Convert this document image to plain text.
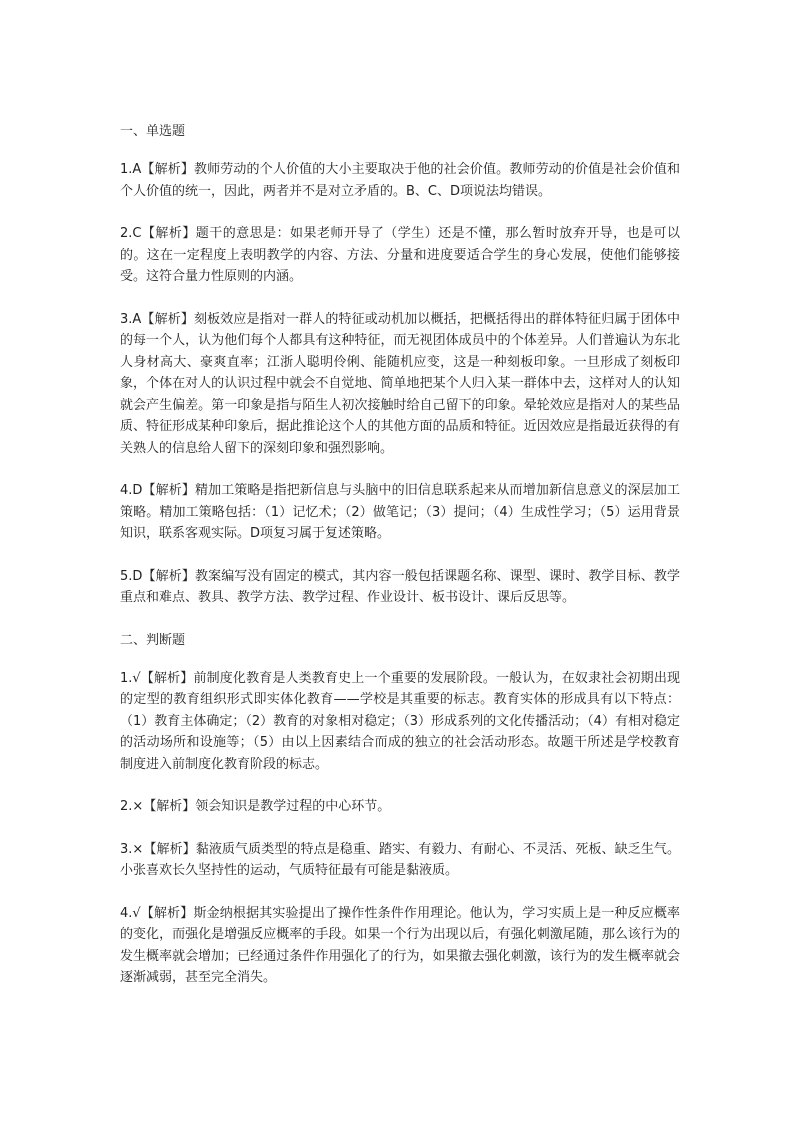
一、单选题

1.A【解析】教师劳动的个人价值的大小主要取决于他的社会价值。教师劳动的价值是社会价值和个人价值的统一，因此，两者并不是对立矛盾的。B、C、D项说法均错误。

2.C【解析】题干的意思是：如果老师开导了（学生）还是不懂，那么暂时放弃开导，也是可以的。这在一定程度上表明教学的内容、方法、分量和进度要适合学生的身心发展，使他们能够接受。这符合量力性原则的内涵。

3.A【解析】刻板效应是指对一群人的特征或动机加以概括，把概括得出的群体特征归属于团体中的每一个人，认为他们每个人都具有这种特征，而无视团体成员中的个体差异。人们普遍认为东北人身材高大、豪爽直率；江浙人聪明伶俐、能随机应变，这是一种刻板印象。一旦形成了刻板印象，个体在对人的认识过程中就会不自觉地、简单地把某个人归入某一群体中去，这样对人的认知就会产生偏差。第一印象是指与陌生人初次接触时给自己留下的印象。晕轮效应是指对人的某些品质、特征形成某种印象后，据此推论这个人的其他方面的品质和特征。近因效应是指最近获得的有关熟人的信息给人留下的深刻印象和强烈影响。

4.D【解析】精加工策略是指把新信息与头脑中的旧信息联系起来从而增加新信息意义的深层加工策略。精加工策略包括：（1）记忆术；（2）做笔记；（3）提问；（4）生成性学习；（5）运用背景知识，联系客观实际。D项复习属于复述策略。

5.D【解析】教案编写没有固定的模式，其内容一般包括课题名称、课型、课时、教学目标、教学重点和难点、教具、教学方法、教学过程、作业设计、板书设计、课后反思等。

二、判断题

1.√【解析】前制度化教育是人类教育史上一个重要的发展阶段。一般认为，在奴隶社会初期出现的定型的教育组织形式即实体化教育——学校是其重要的标志。教育实体的形成具有以下特点：（1）教育主体确定；（2）教育的对象相对稳定；（3）形成系列的文化传播活动；（4）有相对稳定的活动场所和设施等；（5）由以上因素结合而成的独立的社会活动形态。故题干所述是学校教育制度进入前制度化教育阶段的标志。

2.×【解析】领会知识是教学过程的中心环节。

3.×【解析】黏液质气质类型的特点是稳重、踏实、有毅力、有耐心、不灵活、死板、缺乏生气。小张喜欢长久坚持性的运动，气质特征最有可能是黏液质。

4.√【解析】斯金纳根据其实验提出了操作性条件作用理论。他认为，学习实质上是一种反应概率的变化，而强化是增强反应概率的手段。如果一个行为出现以后，有强化刺激尾随，那么该行为的发生概率就会增加；已经通过条件作用强化了的行为，如果撤去强化刺激，该行为的发生概率就会逐渐减弱，甚至完全消失。
